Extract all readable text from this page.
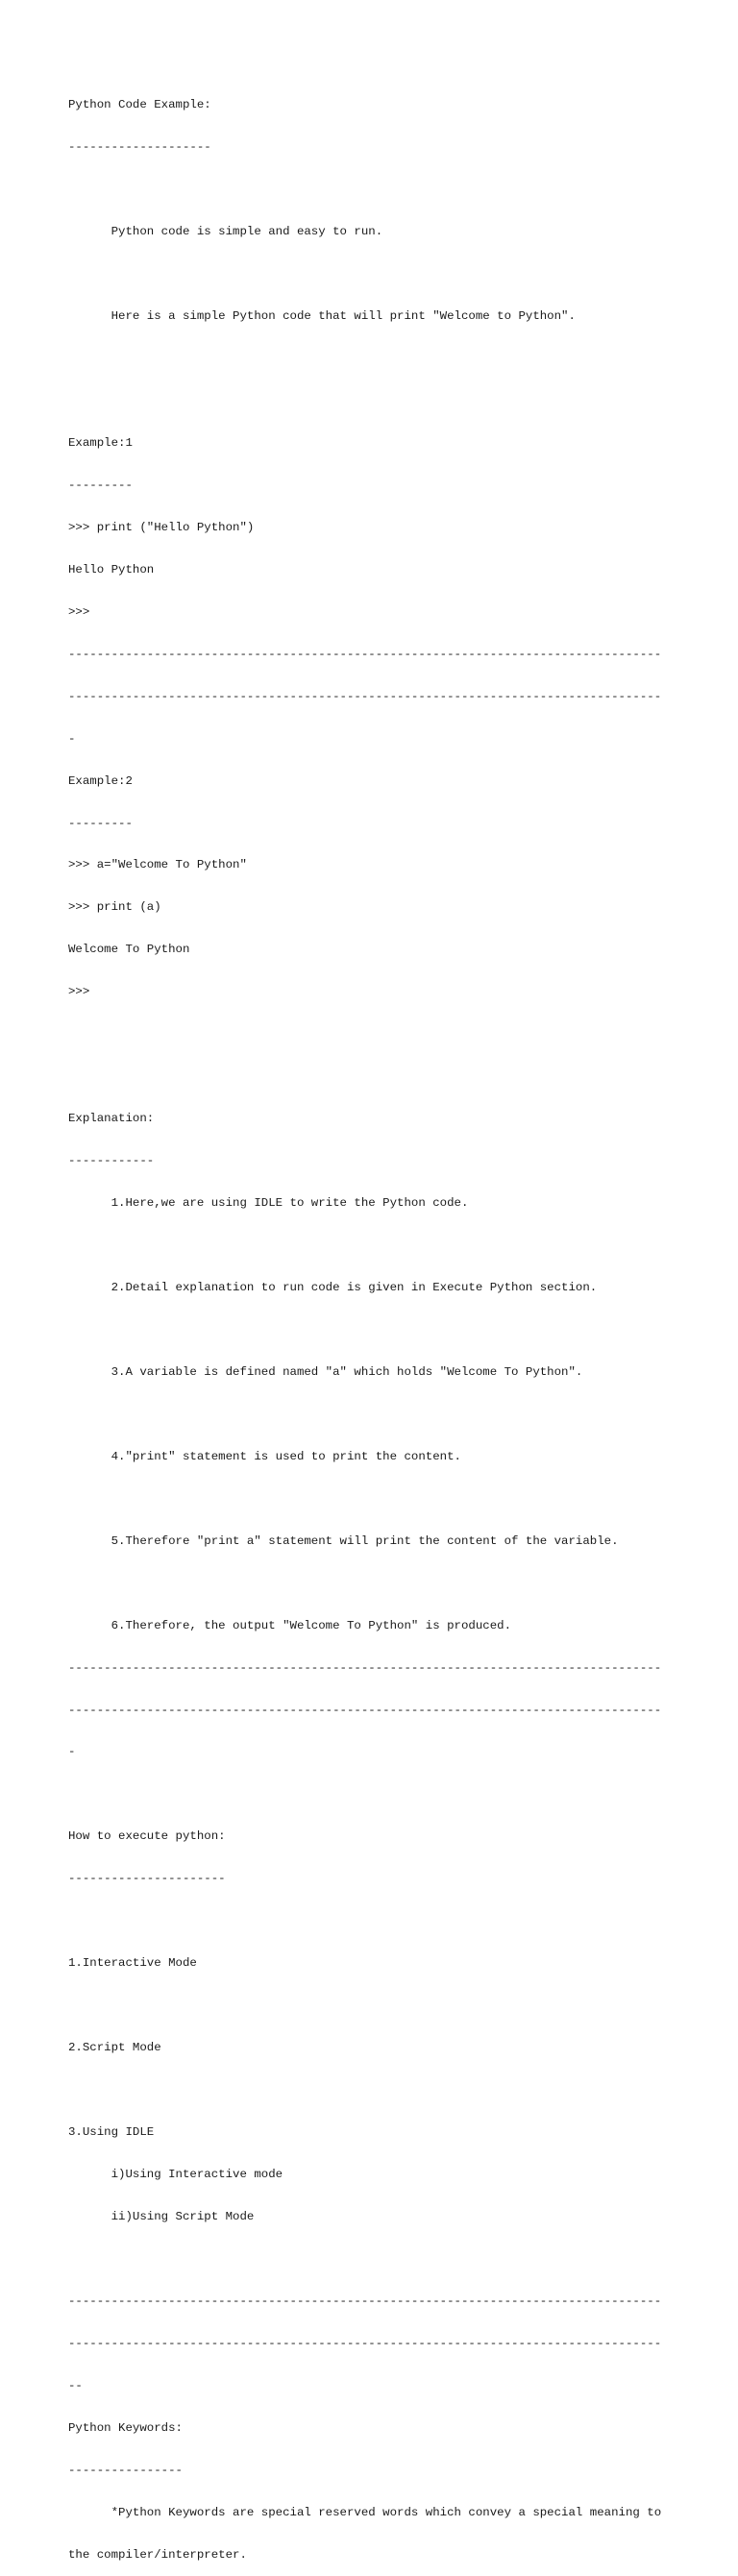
Python Code Example:

--------------------

Python code is simple and easy to run.

Here is a simple Python code that will print "Welcome to Python".

Example:1

---------

>>> print ("Hello Python")

Hello Python

>>>

-----------------------------------------------------------------------------------

-----------------------------------------------------------------------------------

-

Example:2

---------

>>> a="Welcome To Python"

>>> print (a)

Welcome To Python

>>>

Explanation:

------------

1.Here,we are using IDLE to write the Python code.

2.Detail explanation to run code is given in Execute Python section.

3.A variable is defined named "a" which holds "Welcome To Python".

4."print" statement is used to print the content.

5.Therefore "print a" statement will print the content of the variable.

6.Therefore, the output "Welcome To Python" is produced.

-----------------------------------------------------------------------------------

-----------------------------------------------------------------------------------

-

How to execute python:

----------------------

1.Interactive Mode

2.Script Mode

3.Using IDLE

i)Using Interactive mode

ii)Using Script Mode

-----------------------------------------------------------------------------------

-----------------------------------------------------------------------------------

--

Python Keywords:

----------------

*Python Keywords are special reserved words which convey a special meaning to

the compiler/interpreter.
